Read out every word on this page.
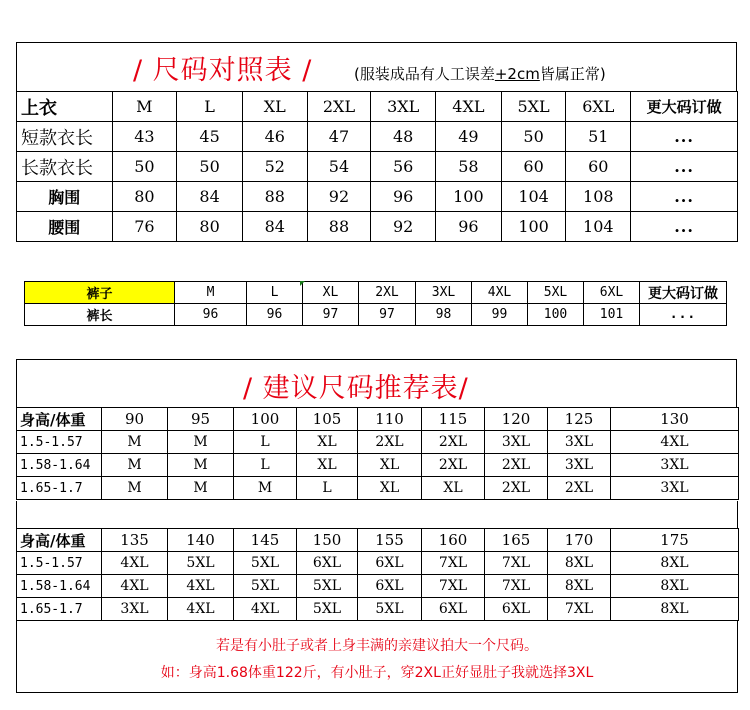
/ 尺码对照表 /	(服装成品有人工误差+2cm皆属正常)
上衣	M	L	XL	2XL	3XL	4XL	5XL	6XL	更大码订做
短款衣长	43	45	46	47	48	49	50	51	...
长款衣长	50	50	52	54	56	58	60	60	...
胸围	80	84	88	92	96	100	104	108	...
腰围	76	80	84	88	92	96	100	104	...
裤子	M	L	XL	2XL	3XL	4XL	5XL	6XL	更大码订做
裤长	96	96	97	97	98	99	100	101	...
/ 建议尺码推荐表/
身高/体重	90	95	100	105	110	115	120	125	130
1.5-1.57	M	M	L	XL	2XL	2XL	3XL	3XL	4XL
1.58-1.64	M	M	L	XL	XL	2XL	2XL	3XL	3XL
1.65-1.7	M	M	M	L	XL	XL	2XL	2XL	3XL
身高/体重	135	140	145	150	155	160	165	170	175
1.5-1.57	4XL	5XL	5XL	6XL	6XL	7XL	7XL	8XL	8XL
1.58-1.64	4XL	4XL	5XL	5XL	6XL	7XL	7XL	8XL	8XL
1.65-1.7	3XL	4XL	4XL	5XL	5XL	6XL	6XL	7XL	8XL
若是有小肚子或者上身丰满的亲建议拍大一个尺码。
如：身高1.68体重122斤，有小肚子，穿2XL正好显肚子我就选择3XL
